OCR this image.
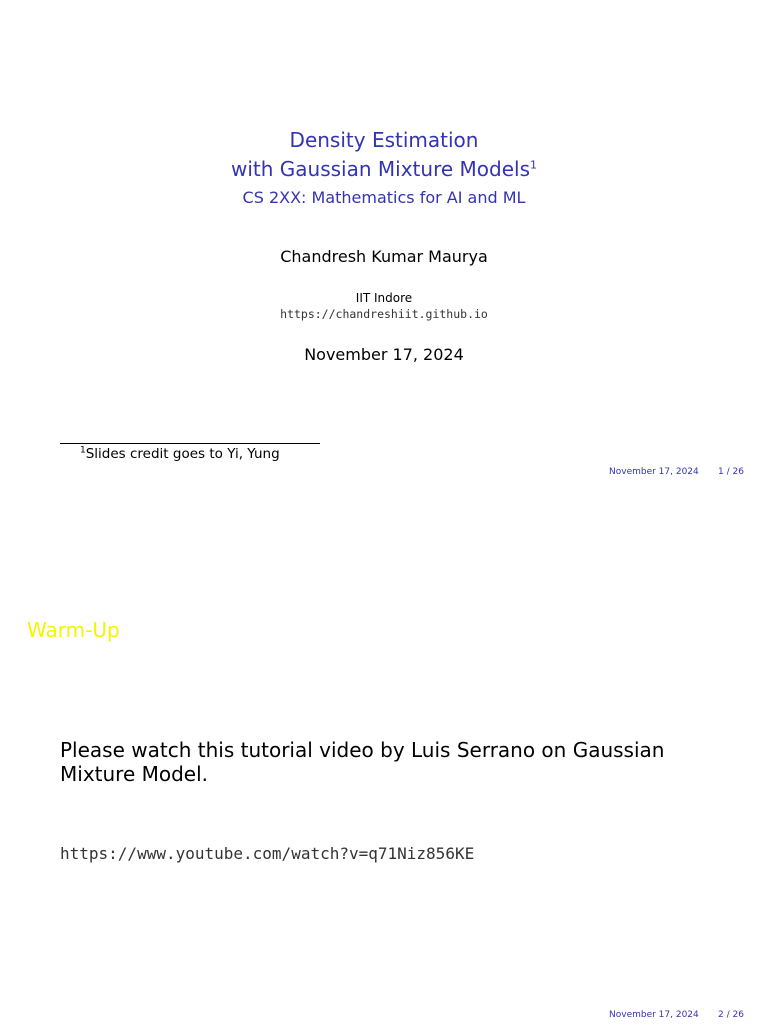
Density Estimation
with Gaussian Mixture Models$^1$
CS 2XX: Mathematics for AI and ML
Chandresh Kumar Maurya
IIT Indore
https://chandreshiit.github.io
November 17, 2024
$^1$Slides credit goes to Yi, Yung
November 17, 2024 1 / 26
Warm-Up
Please watch this tutorial video by Luis Serrano on Gaussian Mixture Model.
https://www.youtube.com/watch?v=q71Niz856KE
November 17, 2024 2 / 26
